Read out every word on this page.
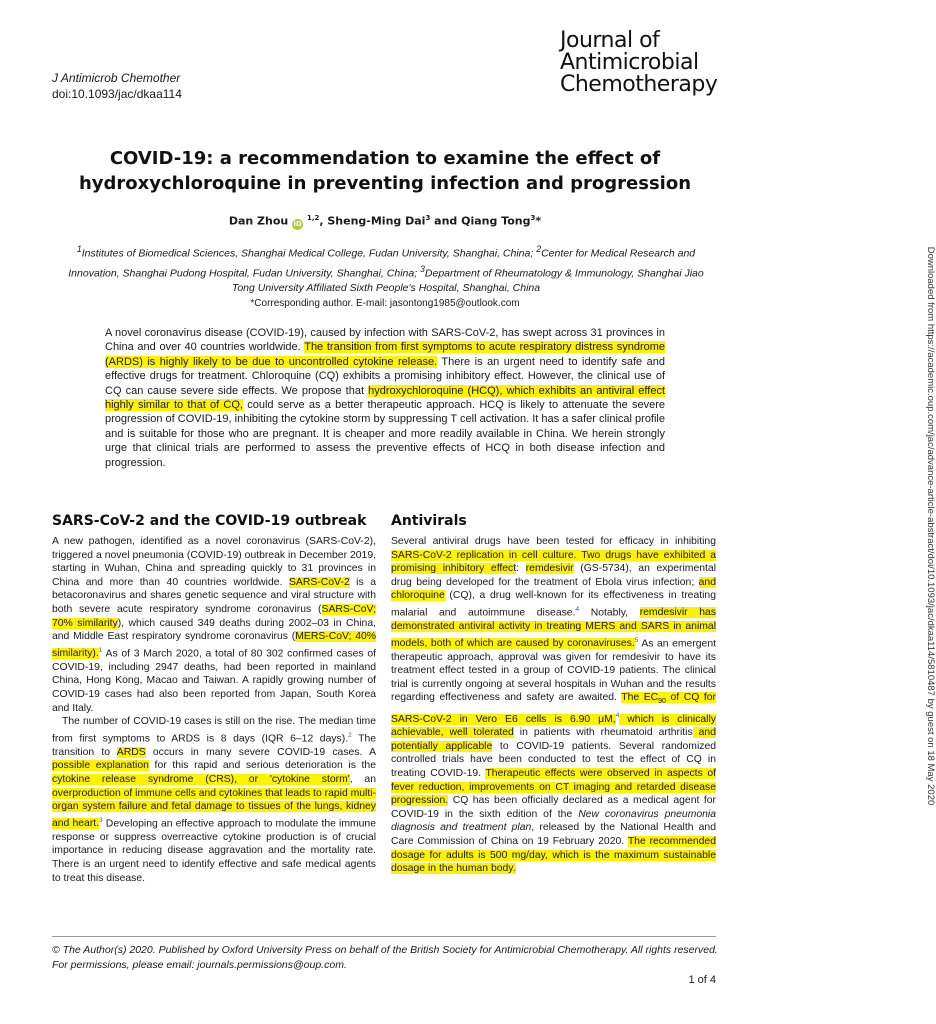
J Antimicrob Chemother
doi:10.1093/jac/dkaa114
Journal of
Antimicrobial
Chemotherapy
COVID-19: a recommendation to examine the effect of hydroxychloroquine in preventing infection and progression
Dan Zhou iD $^{1,2}$, Sheng-Ming Dai$^3$ and Qiang Tong$^3$*
$^1$Institutes of Biomedical Sciences, Shanghai Medical College, Fudan University, Shanghai, China; $^2$Center for Medical Research and Innovation, Shanghai Pudong Hospital, Fudan University, Shanghai, China; $^3$Department of Rheumatology & Immunology, Shanghai Jiao Tong University Affiliated Sixth People's Hospital, Shanghai, China
*Corresponding author. E-mail: jasontong1985@outlook.com

A novel coronavirus disease (COVID-19), caused by infection with SARS-CoV-2, has swept across 31 provinces in China and over 40 countries worldwide. The transition from first symptoms to acute respiratory distress syndrome (ARDS) is highly likely to be due to uncontrolled cytokine release. There is an urgent need to identify safe and effective drugs for treatment. Chloroquine (CQ) exhibits a promising inhibitory effect. However, the clinical use of CQ can cause severe side effects. We propose that hydroxychloroquine (HCQ), which exhibits an antiviral effect highly similar to that of CQ, could serve as a better therapeutic approach. HCQ is likely to attenuate the severe progression of COVID-19, inhibiting the cytokine storm by suppressing T cell activation. It has a safer clinical profile and is suitable for those who are pregnant. It is cheaper and more readily available in China. We herein strongly urge that clinical trials are performed to assess the preventive effects of HCQ in both disease infection and progression.

SARS-CoV-2 and the COVID-19 outbreak

A new pathogen, identified as a novel coronavirus (SARS-CoV-2), triggered a novel pneumonia (COVID-19) outbreak in December 2019, starting in Wuhan, China and spreading quickly to 31 provinces in China and more than 40 countries worldwide. SARS-CoV-2 is a betacoronavirus and shares genetic sequence and viral structure with both severe acute respiratory syndrome coronavirus (SARS-CoV; 70% similarity), which caused 349 deaths during 2002–03 in China, and Middle East respiratory syndrome coronavirus (MERS-CoV; 40% similarity).$^1$ As of 3 March 2020, a total of 80 302 confirmed cases of COVID-19, including 2947 deaths, had been reported in mainland China, Hong Kong, Macao and Taiwan. A rapidly growing number of COVID-19 cases had also been reported from Japan, South Korea and Italy.

The number of COVID-19 cases is still on the rise. The median time from first symptoms to ARDS is 8 days (IQR 6–12 days).$^2$ The transition to ARDS occurs in many severe COVID-19 cases. A possible explanation for this rapid and serious deterioration is the cytokine release syndrome (CRS), or 'cytokine storm', an overproduction of immune cells and cytokines that leads to rapid multi-organ system failure and fetal damage to tissues of the lungs, kidney and heart.$^3$ Developing an effective approach to modulate the immune response or suppress overreactive cytokine production is of crucial importance in reducing disease aggravation and the mortality rate. There is an urgent need to identify effective and safe medical agents to treat this disease.

Antivirals

Several antiviral drugs have been tested for efficacy in inhibiting SARS-CoV-2 replication in cell culture. Two drugs have exhibited a promising inhibitory effect: remdesivir (GS-5734), an experimental drug being developed for the treatment of Ebola virus infection; and chloroquine (CQ), a drug well-known for its effectiveness in treating malarial and autoimmune disease.$^4$ Notably, remdesivir has demonstrated antiviral activity in treating MERS and SARS in animal models, both of which are caused by coronaviruses.$^5$ As an emergent therapeutic approach, approval was given for remdesivir to have its treatment effect tested in a group of COVID-19 patients. The clinical trial is currently ongoing at several hospitals in Wuhan and the results regarding effectiveness and safety are awaited. The $EC_{90}$ of CQ for SARS-CoV-2 in Vero E6 cells is 6.90 μM,$^4$ which is clinically achievable, well tolerated in patients with rheumatoid arthritis and potentially applicable to COVID-19 patients. Several randomized controlled trials have been conducted to test the effect of CQ in treating COVID-19. Therapeutic effects were observed in aspects of fever reduction, improvements on CT imaging and retarded disease progression. CQ has been officially declared as a medical agent for COVID-19 in the sixth edition of the New coronavirus pneumonia diagnosis and treatment plan, released by the National Health and Care Commission of China on 19 February 2020. The recommended dosage for adults is 500 mg/day, which is the maximum sustainable dosage in the human body.

© The Author(s) 2020. Published by Oxford University Press on behalf of the British Society for Antimicrobial Chemotherapy. All rights reserved. For permissions, please email: journals.permissions@oup.com.
1 of 4
Downloaded from https://academic.oup.com/jac/advance-article-abstract/doi/10.1093/jac/dkaa114/5810487 by guest on 18 May 2020
